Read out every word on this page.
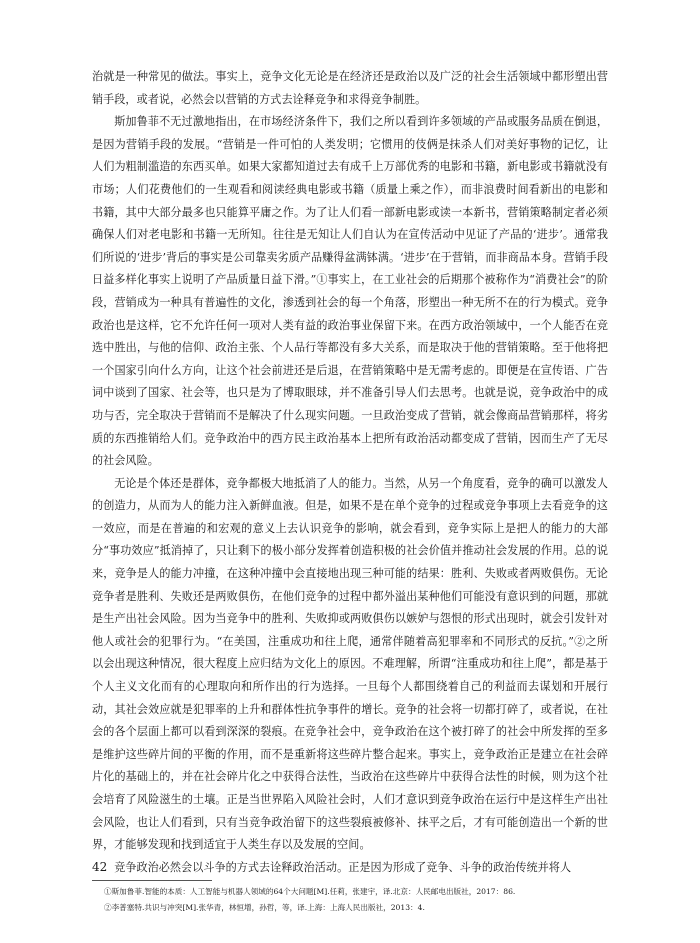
治就是一种常见的做法。事实上，竞争文化无论是在经济还是政治以及广泛的社会生活领域中都形塑出营销手段，或者说，必然会以营销的方式去诠释竞争和求得竞争制胜。

斯加鲁菲不无过激地指出，在市场经济条件下，我们之所以看到许多领域的产品或服务品质在倒退，是因为营销手段的发展。“营销是一件可怕的人类发明；它惯用的伎俩是抹杀人们对美好事物的记忆，让人们为粗制滥造的东西买单。如果大家都知道过去有成千上万部优秀的电影和书籍，新电影或书籍就没有市场；人们花费他们的一生观看和阅读经典电影或书籍（质量上乘之作），而非浪费时间看新出的电影和书籍，其中大部分最多也只能算平庸之作。为了让人们看一部新电影或读一本新书，营销策略制定者必须确保人们对老电影和书籍一无所知。往往是无知让人们自认为在宣传活动中见证了产品的‘进步’。通常我们所说的‘进步’背后的事实是公司靠卖劣质产品赚得盆满钵满。‘进步’在于营销，而非商品本身。营销手段日益多样化事实上说明了产品质量日益下滑。”①事实上，在工业社会的后期那个被称作为“消费社会”的阶段，营销成为一种具有普遍性的文化，渗透到社会的每一个角落，形塑出一种无所不在的行为模式。竞争政治也是这样，它不允许任何一项对人类有益的政治事业保留下来。在西方政治领域中，一个人能否在竞选中胜出，与他的信仰、政治主张、个人品行等都没有多大关系，而是取决于他的营销策略。至于他将把一个国家引向什么方向，让这个社会前进还是后退，在营销策略中是无需考虑的。即便是在宣传语、广告词中谈到了国家、社会等，也只是为了博取眼球，并不准备引导人们去思考。也就是说，竞争政治中的成功与否，完全取决于营销而不是解决了什么现实问题。一旦政治变成了营销，就会像商品营销那样，将劣质的东西推销给人们。竞争政治中的西方民主政治基本上把所有政治活动都变成了营销，因而生产了无尽的社会风险。

无论是个体还是群体，竞争都极大地抵消了人的能力。当然，从另一个角度看，竞争的确可以激发人的创造力，从而为人的能力注入新鲜血液。但是，如果不是在单个竞争的过程或竞争事项上去看竞争的这一效应，而是在普遍的和宏观的意义上去认识竞争的影响，就会看到，竞争实际上是把人的能力的大部分“事功效应”抵消掉了，只让剩下的极小部分发挥着创造积极的社会价值并推动社会发展的作用。总的说来，竞争是人的能力冲撞，在这种冲撞中会直接地出现三种可能的结果：胜利、失败或者两败俱伤。无论竞争者是胜利、失败还是两败俱伤，在他们竞争的过程中都外溢出某种他们可能没有意识到的问题，那就是生产出社会风险。因为当竞争中的胜利、失败抑或两败俱伤以嫉妒与怨恨的形式出现时，就会引发针对他人或社会的犯罪行为。“在美国，注重成功和往上爬，通常伴随着高犯罪率和不同形式的反抗。”②之所以会出现这种情况，很大程度上应归结为文化上的原因。不难理解，所谓“注重成功和往上爬”，都是基于个人主义文化而有的心理取向和所作出的行为选择。一旦每个人都围绕着自己的利益而去谋划和开展行动，其社会效应就是犯罪率的上升和群体性抗争事件的增长。竞争的社会将一切都打碎了，或者说，在社会的各个层面上都可以看到深深的裂痕。在竞争社会中，竞争政治在这个被打碎了的社会中所发挥的至多是维护这些碎片间的平衡的作用，而不是重新将这些碎片整合起来。事实上，竞争政治正是建立在社会碎片化的基础上的，并在社会碎片化之中获得合法性，当政治在这些碎片中获得合法性的时候，则为这个社会培育了风险滋生的土壤。正是当世界陷入风险社会时，人们才意识到竞争政治在运行中是这样生产出社会风险，也让人们看到，只有当竞争政治留下的这些裂痕被修补、抹平之后，才有可能创造出一个新的世界，才能够发现和找到适宜于人类生存以及发展的空间。

竞争政治必然会以斗争的方式去诠释政治活动。正是因为形成了竞争、斗争的政治传统并将人

①斯加鲁菲.智能的本质：人工智能与机器人领域的64个大问题[M].任莉，张建宇，译.北京：人民邮电出版社，2017：86.

②李普塞特.共识与冲突[M].张华青，林恒增，孙哲，等，译.上海：上海人民出版社，2013：4.

42
